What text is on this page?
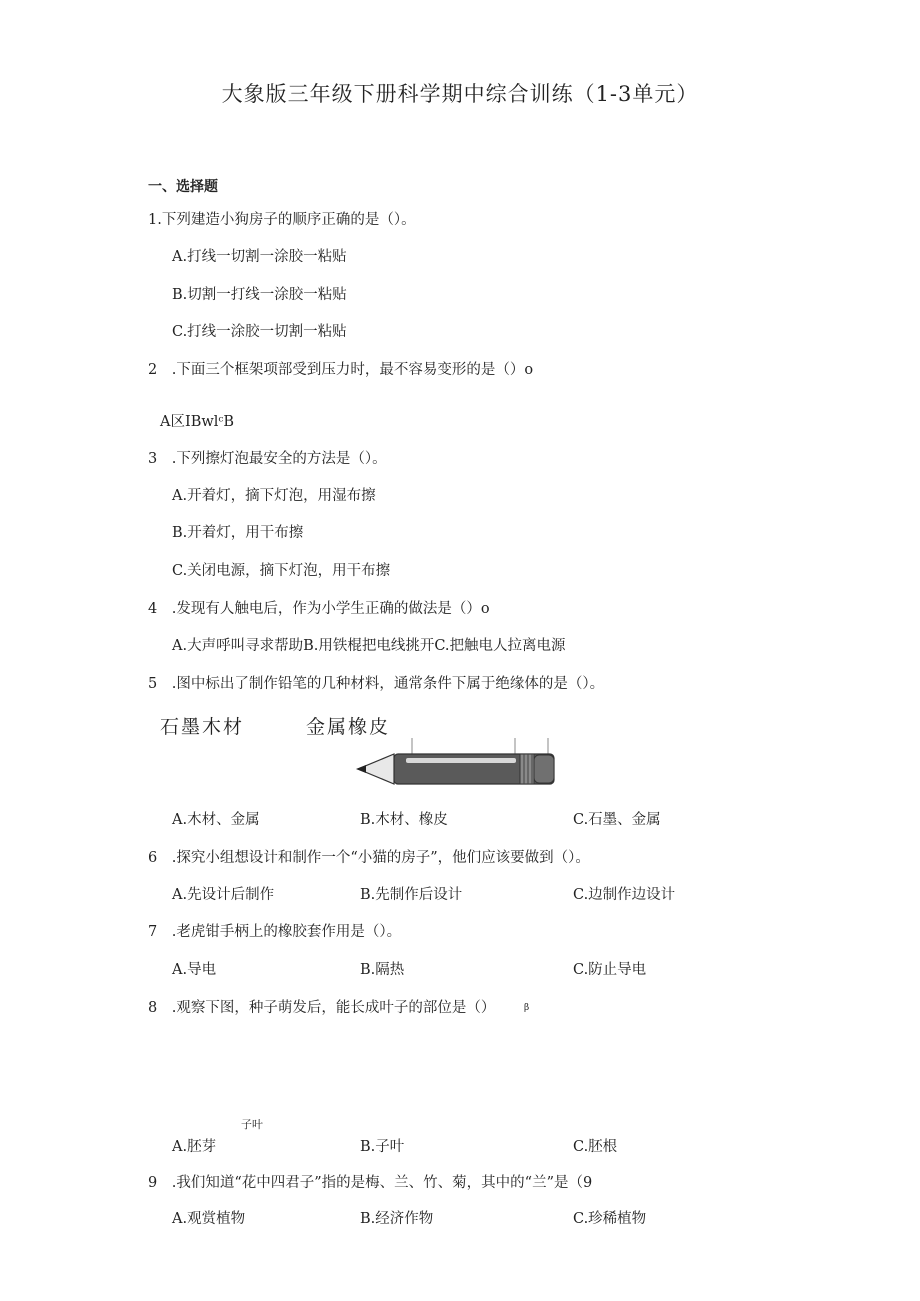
大象版三年级下册科学期中综合训练（1-3单元）
一、选择题
1.下列建造小狗房子的顺序正确的是（）。
A.打线一切割一涂胶一粘贴
B.切割一打线一涂胶一粘贴
C.打线一涂胶一切割一粘贴
2　.下面三个框架项部受到压力时，最不容易变形的是（）o
A区IBwlᶜB
3　.下列擦灯泡最安全的方法是（）。
A.开着灯，摘下灯泡，用湿布擦
B.开着灯，用干布擦
C.关闭电源，摘下灯泡，用干布擦
4　.发现有人触电后，作为小学生正确的做法是（）o
A.大声呼叫寻求帮助B.用铁棍把电线挑开C.把触电人拉离电源
5　.图中标出了制作铅笔的几种材料，通常条件下属于绝缘体的是（）。
石墨木材	金属橡皮
A.木材、金属	B.木材、橡皮	C.石墨、金属
6　.探究小组想设计和制作一个“小猫的房子”，他们应该要做到（）。
A.先设计后制作	B.先制作后设计	C.边制作边设计
7　.老虎钳手柄上的橡胶套作用是（）。
A.导电	B.隔热	C.防止导电
8　.观察下图，种子萌发后，能长成叶子的部位是（）	β
子叶
A.胚芽	B.子叶	C.胚根
9　.我们知道“花中四君子”指的是梅、兰、竹、菊，其中的“兰”是（9
A.观赏植物	B.经济作物	C.珍稀植物
